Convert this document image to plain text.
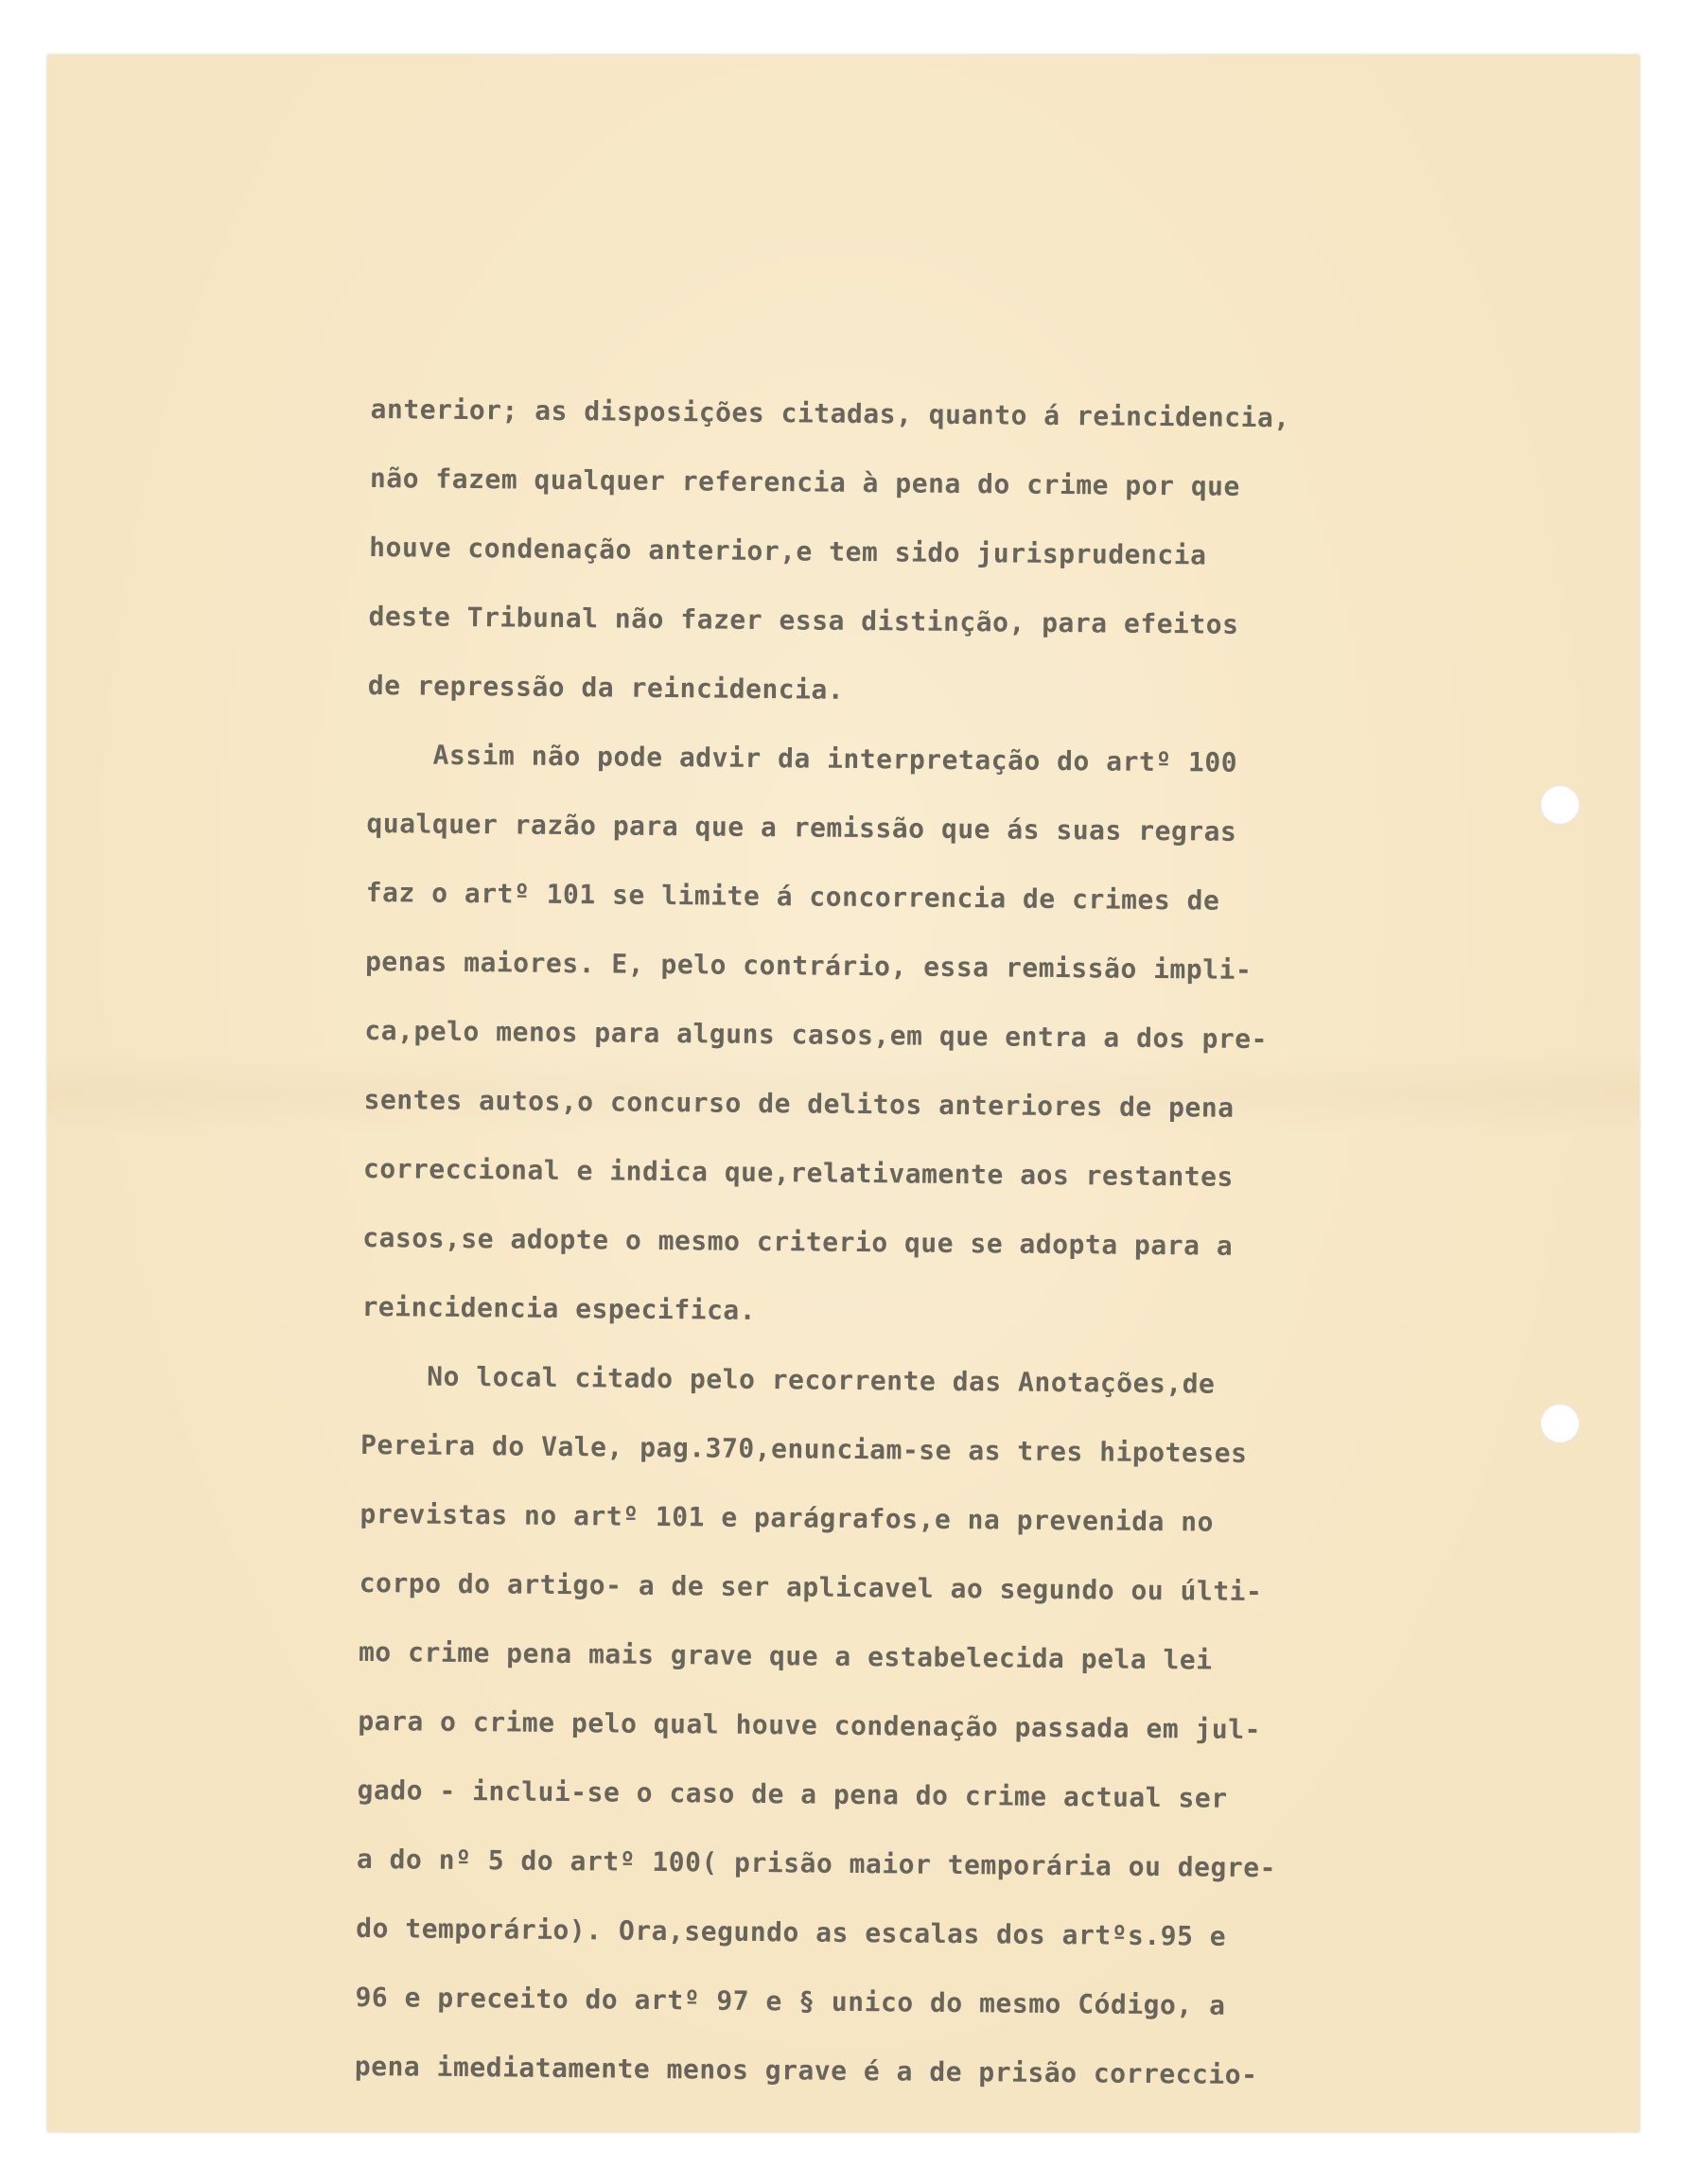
anterior; as disposições citadas, quanto á reincidencia,
não fazem qualquer referencia à pena do crime por que
houve condenação anterior,e tem sido jurisprudencia
deste Tribunal não fazer essa distinção, para efeitos
de repressão da reincidencia.
Assim não pode advir da interpretação do artº 100
qualquer razão para que a remissão que ás suas regras
faz o artº 101 se limite á concorrencia de crimes de
penas maiores. E, pelo contrário, essa remissão impli-
ca,pelo menos para alguns casos,em que entra a dos pre-
sentes autos,o concurso de delitos anteriores de pena
correccional e indica que,relativamente aos restantes
casos,se adopte o mesmo criterio que se adopta para a
reincidencia especifica.
No local citado pelo recorrente das Anotações,de
Pereira do Vale, pag.370,enunciam-se as tres hipoteses
previstas no artº 101 e parágrafos,e na prevenida no
corpo do artigo- a de ser aplicavel ao segundo ou últi-
mo crime pena mais grave que a estabelecida pela lei
para o crime pelo qual houve condenação passada em jul-
gado - inclui-se o caso de a pena do crime actual ser
a do nº 5 do artº 100( prisão maior temporária ou degre-
do temporário). Ora,segundo as escalas dos artºs.95 e
96 e preceito do artº 97 e § unico do mesmo Código, a
pena imediatamente menos grave é a de prisão correccio-
